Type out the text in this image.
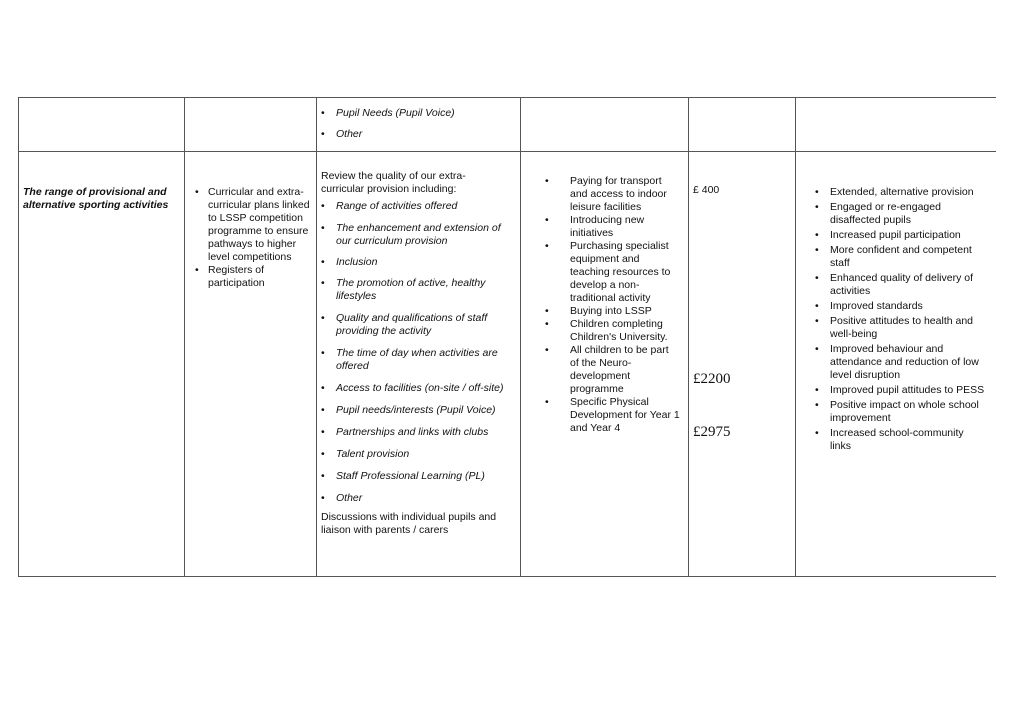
• Pupil Needs (Pupil Voice)
• Other
The range of provisional and alternative sporting activities
• Curricular and extra-curricular plans linked to LSSP competition programme to ensure pathways to higher level competitions
• Registers of participation
Review the quality of our extra-curricular provision including:
• Range of activities offered
• The enhancement and extension of our curriculum provision
• Inclusion
• The promotion of active, healthy lifestyles
• Quality and qualifications of staff providing the activity
• The time of day when activities are offered
• Access to facilities (on-site / off-site)
• Pupil needs/interests (Pupil Voice)
• Partnerships and links with clubs
• Talent provision
• Staff Professional Learning (PL)
• Other
Discussions with individual pupils and liaison with parents / carers
• Paying for transport and access to indoor leisure facilities
• Introducing new initiatives
• Purchasing specialist equipment and teaching resources to develop a non-traditional activity
• Buying into LSSP
• Children completing Children's University.
• All children to be part of the Neuro-development programme
• Specific Physical Development for Year 1 and Year 4
£ 400
£2200
£2975
• Extended, alternative provision
• Engaged or re-engaged disaffected pupils
• Increased pupil participation
• More confident and competent staff
• Enhanced quality of delivery of activities
• Improved standards
• Positive attitudes to health and well-being
• Improved behaviour and attendance and reduction of low level disruption
• Improved pupil attitudes to PESS
• Positive impact on whole school improvement
• Increased school-community links
